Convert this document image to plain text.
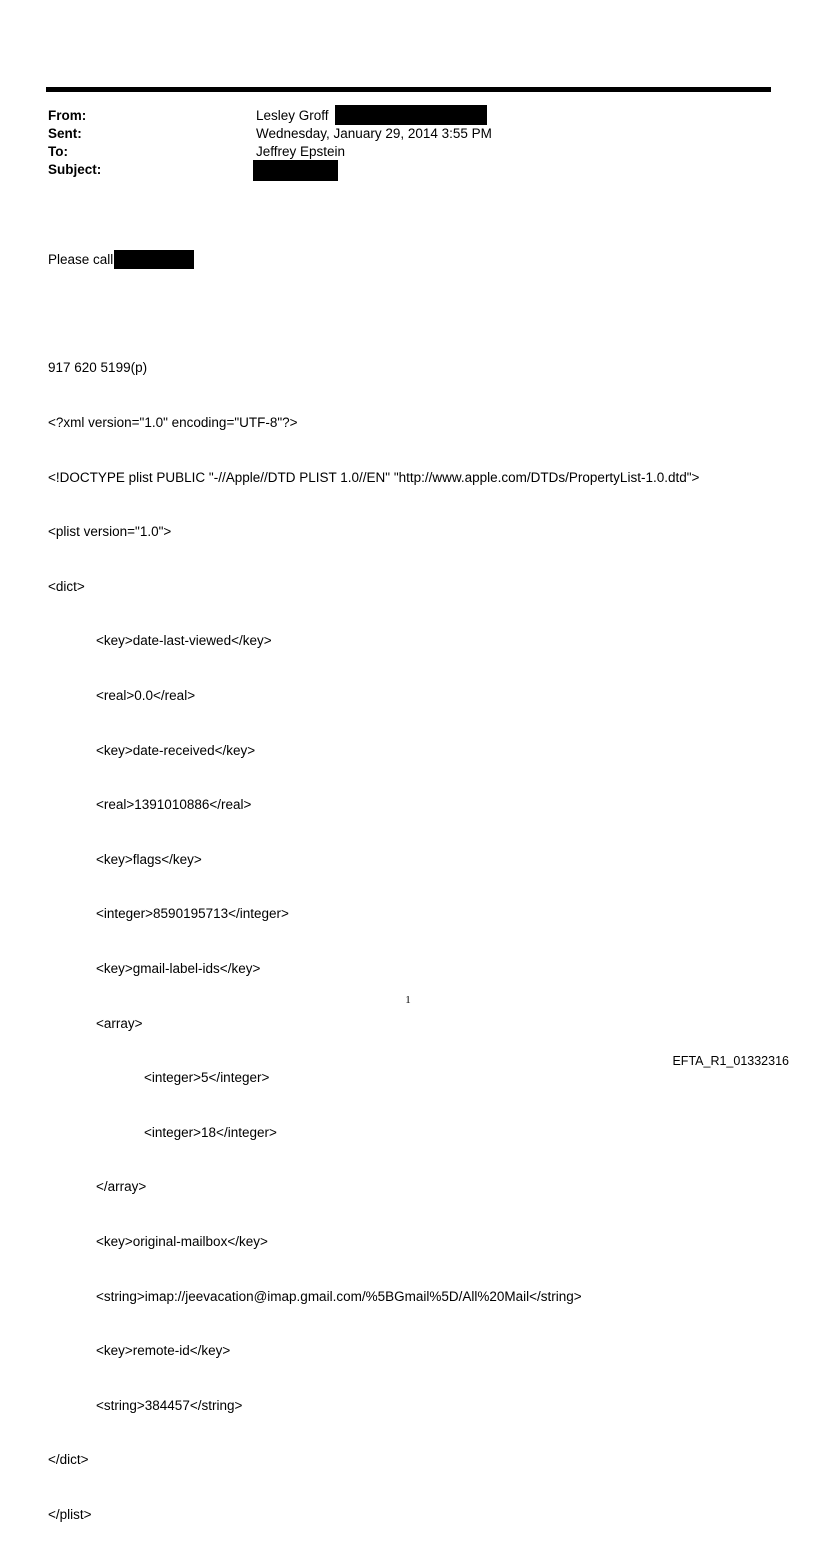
From:	Lesley Groff
Sent:	Wednesday, January 29, 2014 3:55 PM
To:	Jeffrey Epstein
Subject:

Please call

917 620 5199(p)

<?xml version="1.0" encoding="UTF-8"?>

<!DOCTYPE plist PUBLIC "-//Apple//DTD PLIST 1.0//EN" "http://www.apple.com/DTDs/PropertyList-1.0.dtd">

<plist version="1.0">

<dict>

<key>date-last-viewed</key>

<real>0.0</real>

<key>date-received</key>

<real>1391010886</real>

<key>flags</key>

<integer>8590195713</integer>

<key>gmail-label-ids</key>

<array>

<integer>5</integer>

<integer>18</integer>

</array>

<key>original-mailbox</key>

<string>imap://jeevacation@imap.gmail.com/%5BGmail%5D/All%20Mail</string>

<key>remote-id</key>

<string>384457</string>

</dict>

</plist>

1
EFTA_R1_01332316
